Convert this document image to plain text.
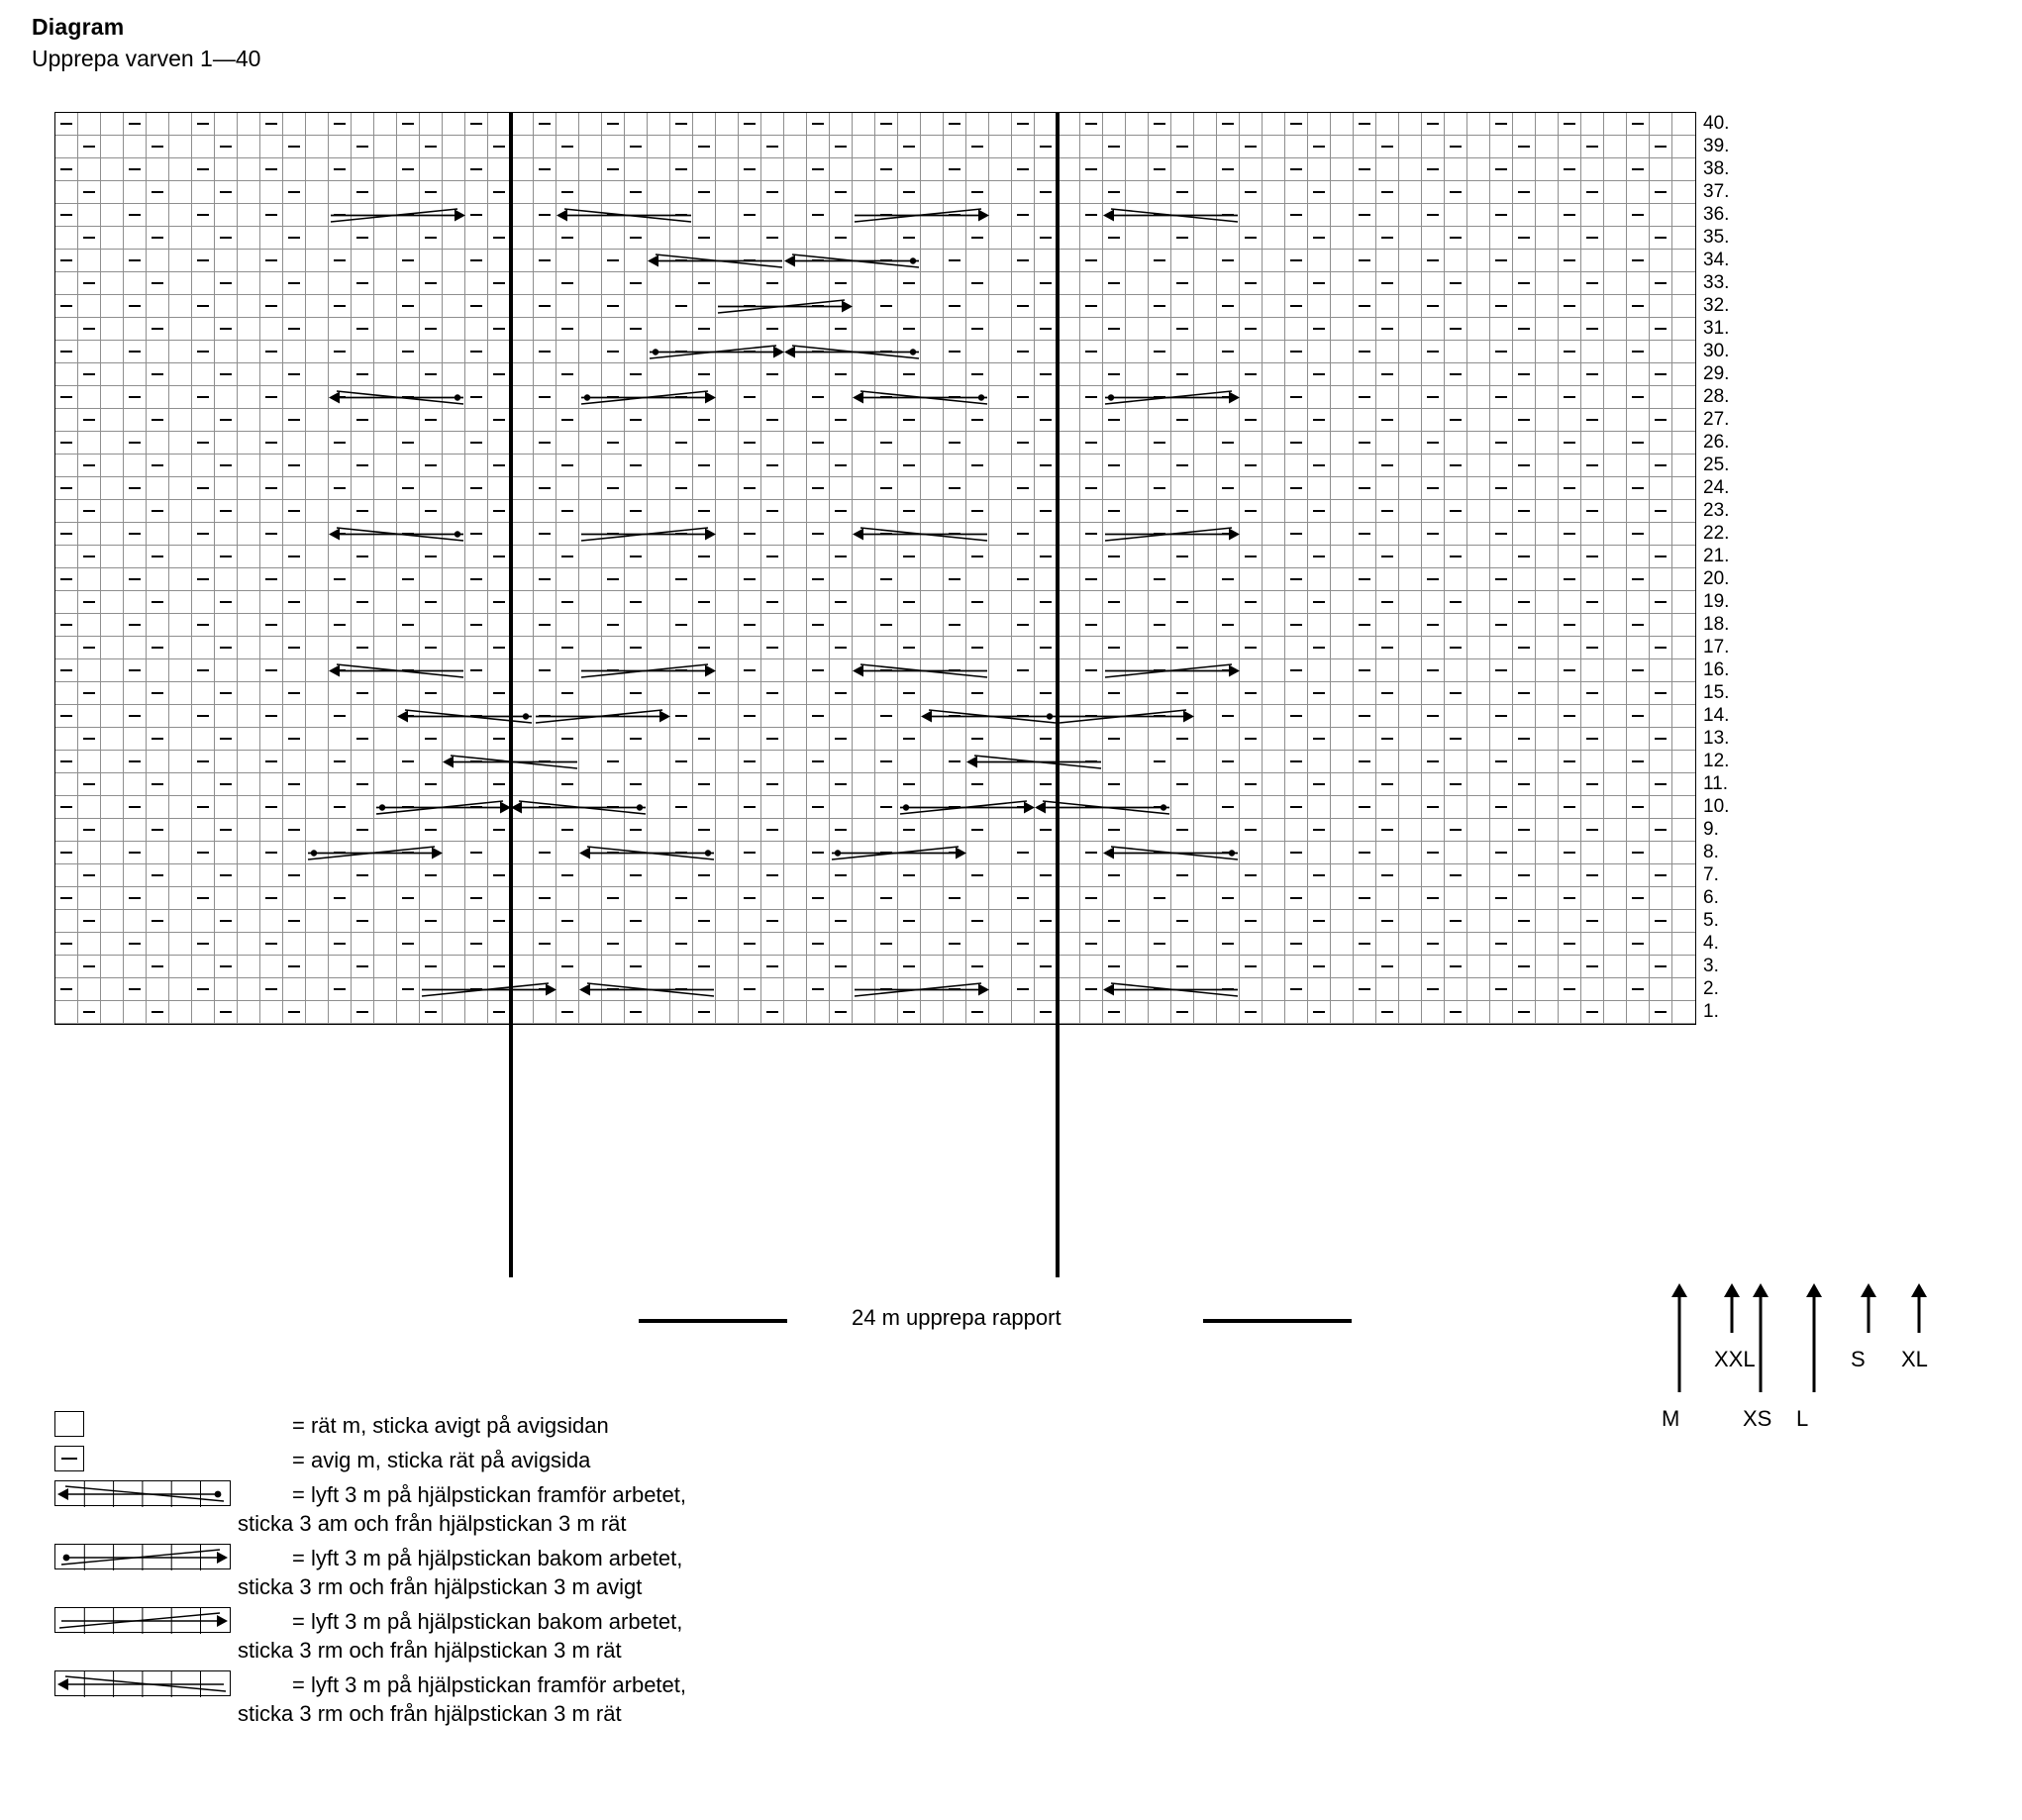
Diagram
Upprepa varven 1—40
40.
39.
38.
37.
36.
35.
34.
33.
32.
31.
30.
29.
28.
27.
26.
25.
24.
23.
22.
21.
20.
19.
18.
17.
16.
15.
14.
13.
12.
11.
10.
9.
8.
7.
6.
5.
4.
3.
2.
1.
24 m upprepa rapport
M
XXL
XS L
S XL
= rät m, sticka avigt på avigsidan
= avig m, sticka rät på avigsida
= lyft 3 m på hjälpstickan framför arbetet,
sticka 3 am och från hjälpstickan 3 m rät
= lyft 3 m på hjälpstickan bakom arbetet,
sticka 3 rm och från hjälpstickan 3 m avigt
= lyft 3 m på hjälpstickan bakom arbetet,
sticka 3 rm och från hjälpstickan 3 m rät
= lyft 3 m på hjälpstickan framför arbetet,
sticka 3 rm och från hjälpstickan 3 m rät
